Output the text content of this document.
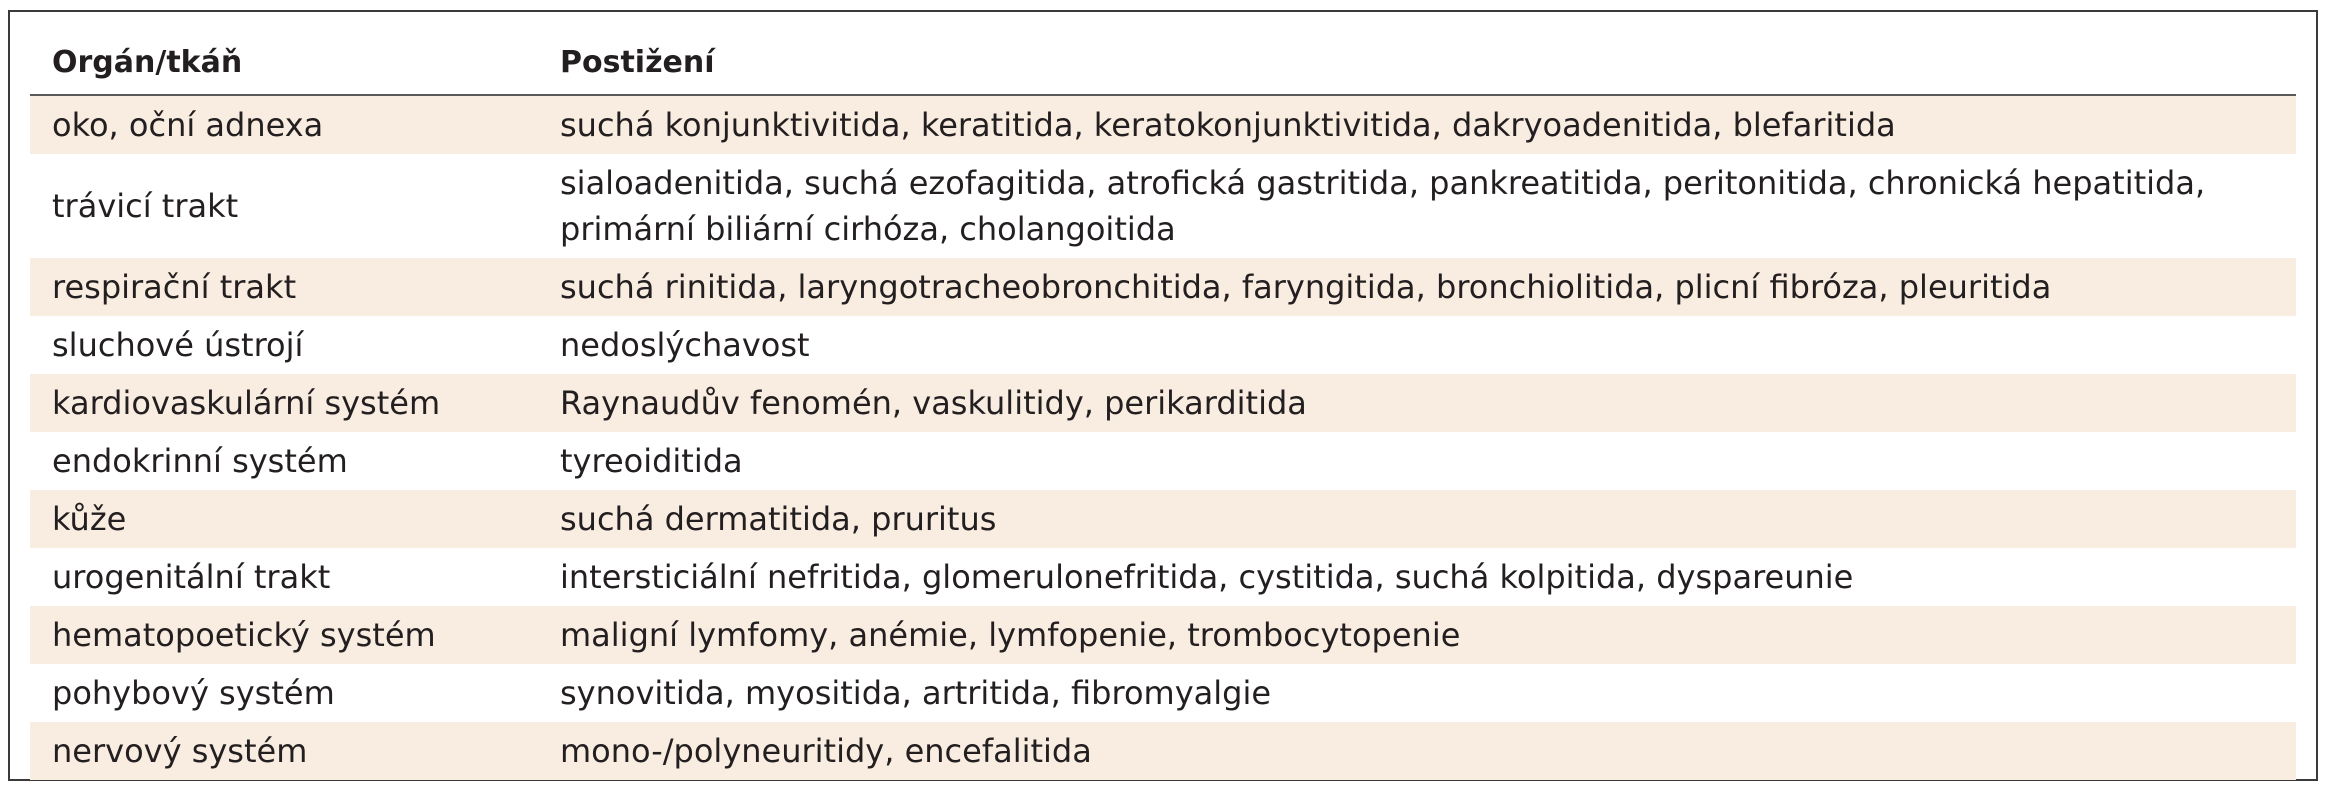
Orgán/tkáň	Postižení
oko, oční adnexa	suchá konjunktivitida, keratitida, keratokonjunktivitida, dakryoadenitida, blefaritida
trávicí trakt	sialoadenitida, suchá ezofagitida, atrofická gastritida, pankreatitida, peritonitida, chronická hepatitida, primární biliární cirhóza, cholangoitida
respirační trakt	suchá rinitida, laryngotracheobronchitida, faryngitida, bronchiolitida, plicní fibróza, pleuritida
sluchové ústrojí	nedoslýchavost
kardiovaskulární systém	Raynaudův fenomén, vaskulitidy, perikarditida
endokrinní systém	tyreoiditida
kůže	suchá dermatitida, pruritus
urogenitální trakt	intersticiální nefritida, glomerulonefritida, cystitida, suchá kolpitida, dyspareunie
hematopoetický systém	maligní lymfomy, anémie, lymfopenie, trombocytopenie
pohybový systém	synovitida, myositida, artritida, fibromyalgie
nervový systém	mono-/polyneuritidy, encefalitida
